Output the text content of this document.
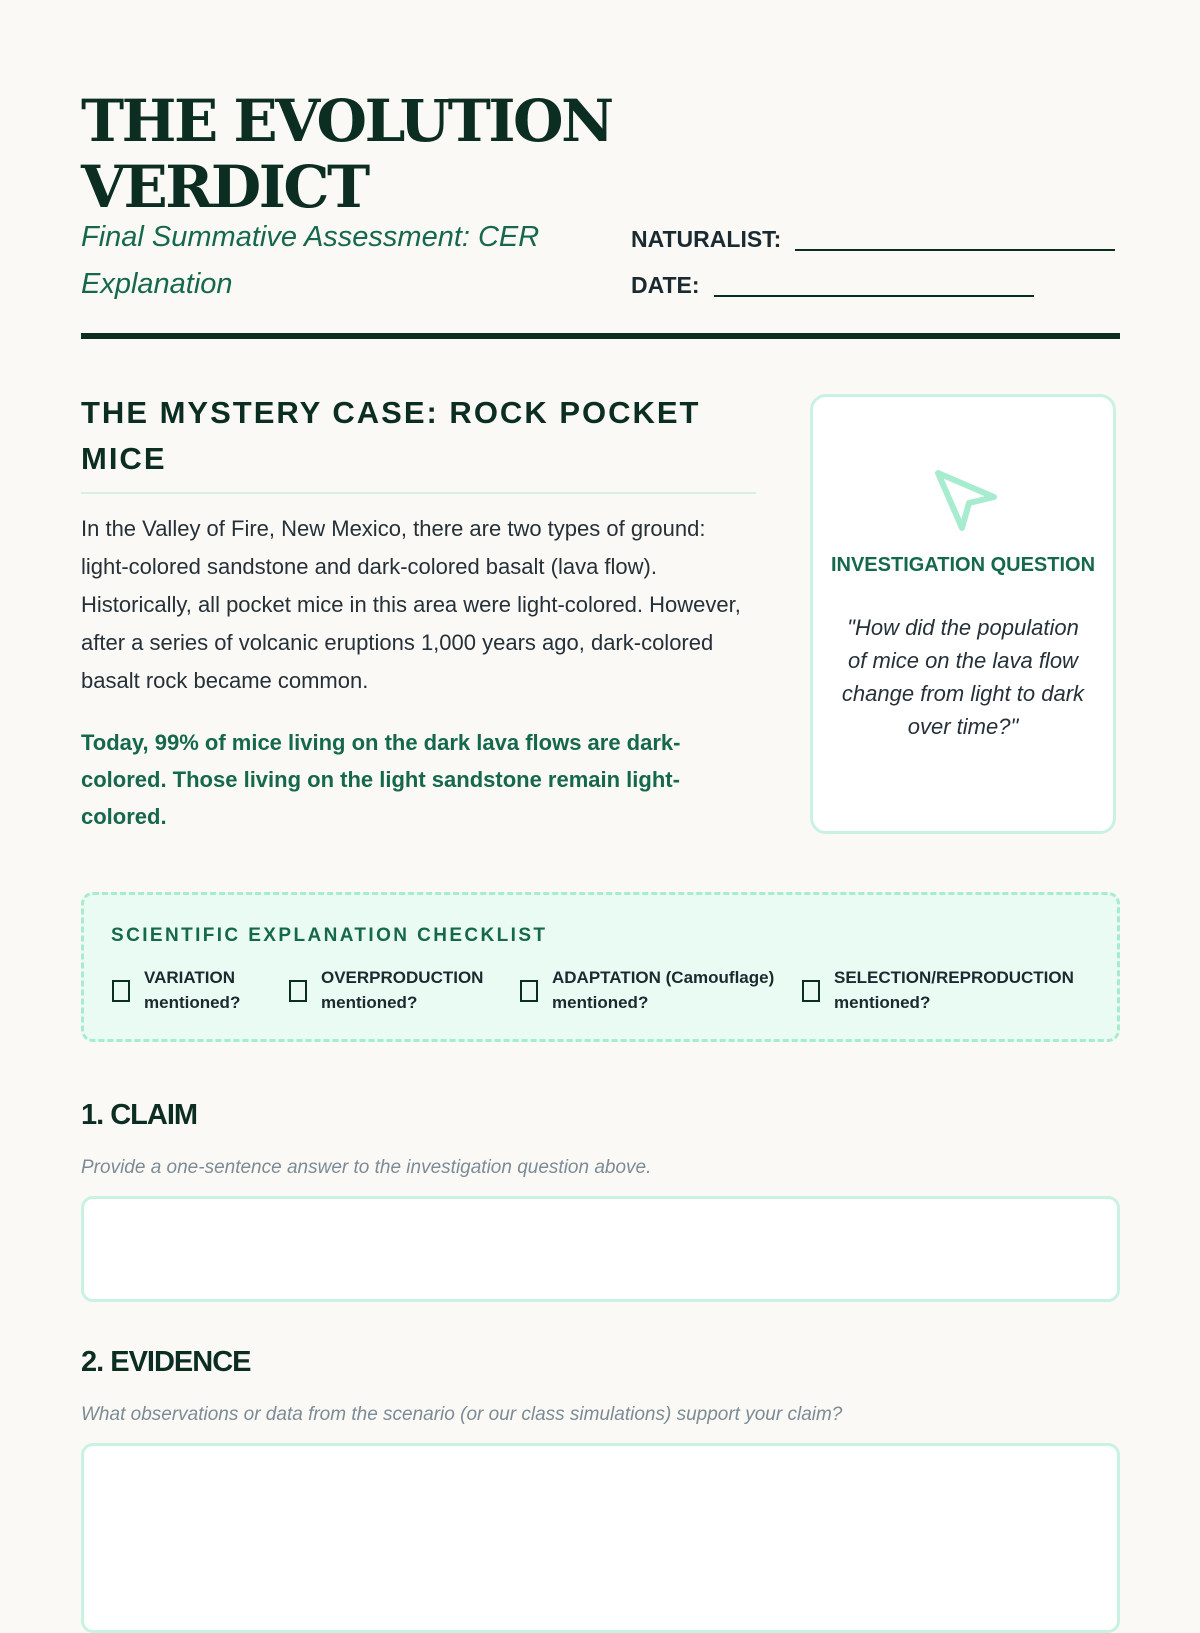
THE EVOLUTION VERDICT
Final Summative Assessment: CER Explanation
NATURALIST:
DATE:
THE MYSTERY CASE: ROCK POCKET MICE

In the Valley of Fire, New Mexico, there are two types of ground: light-colored sandstone and dark-colored basalt (lava flow). Historically, all pocket mice in this area were light-colored. However, after a series of volcanic eruptions 1,000 years ago, dark-colored basalt rock became common.

Today, 99% of mice living on the dark lava flows are dark-colored. Those living on the light sandstone remain light-colored.

INVESTIGATION QUESTION
"How did the population of mice on the lava flow change from light to dark over time?"
SCIENTIFIC EXPLANATION CHECKLIST
VARIATION
mentioned?
OVERPRODUCTION
mentioned?
ADAPTATION (Camouflage)
mentioned?
SELECTION/REPRODUCTION
mentioned?
1. CLAIM
Provide a one-sentence answer to the investigation question above.
2. EVIDENCE
What observations or data from the scenario (or our class simulations) support your claim?
